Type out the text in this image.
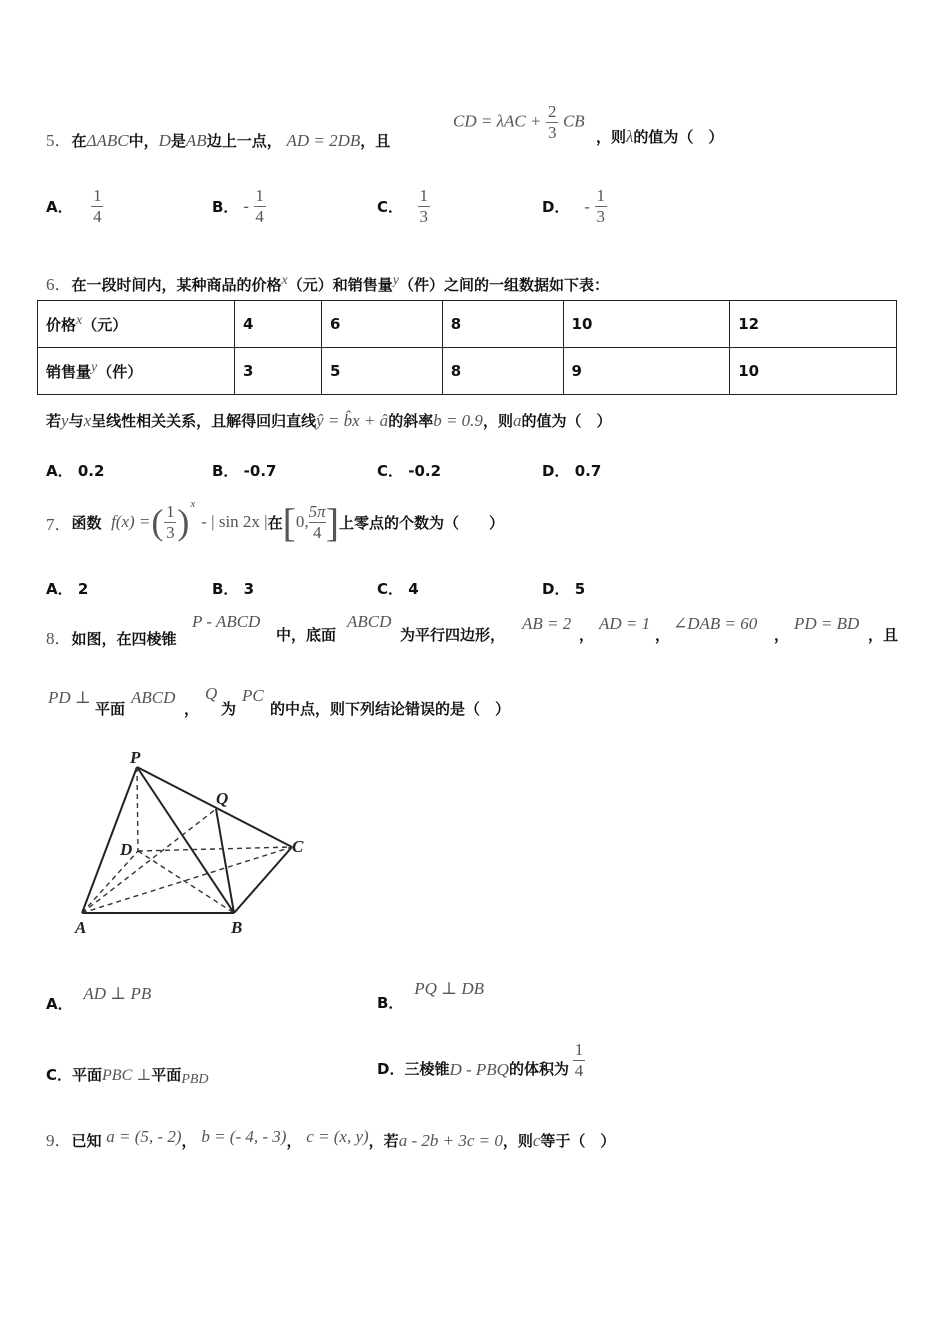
5．在ΔABC中，D是AB边上一点， AD = 2DB，且
CD = $\lambda AC + \frac{2}{3}$ CB
，则λ的值为（　）
A． $\frac{1}{4}$	B． - $\frac{1}{4}$	C． $\frac{1}{3}$	D． - $\frac{1}{3}$
6．在一段时间内，某种商品的价格x（元）和销售量y（件）之间的一组数据如下表：
价格x（元）	4	6	8	10	12
销售量y（件）	3	5	8	9	10
若y与x呈线性相关关系，且解得回归直线ŷ = b̂x + â的斜率b = 0.9，则a的值为（　）
A． 0.2	B． -0.7	C． -0.2	D． 0.7
7． 函数
f(x) = ( $\frac{1}{3}$ ) x
- | sin 2x | 在 [ 0, $\frac{5\pi}{4}$ ] 上零点的个数为（　　）
A． 2	B． 3	C． 4	D． 5
8．如图，在四棱锥
P - ABCD
中，底面
ABCD
为平行四边形，
AB = 2
，
AD = 1
，
∠DAB = 60
，
PD = BD
，且
PD ⊥
平面
ABCD
，
Q
为
PC
的中点，则下列结论错误的是（　）
P
Q
D	C
A	B
A． AD ⊥ PB	B． PQ ⊥ DB
C．平面PBC ⊥平面PBD
D． 三棱锥 D - PBQ 的体积为 $\frac{1}{4}$
9．已知 a = (5, - 2)， b = (- 4, - 3)， c = (x, y)，若a - 2b + 3c = 0，则c等于（　）
